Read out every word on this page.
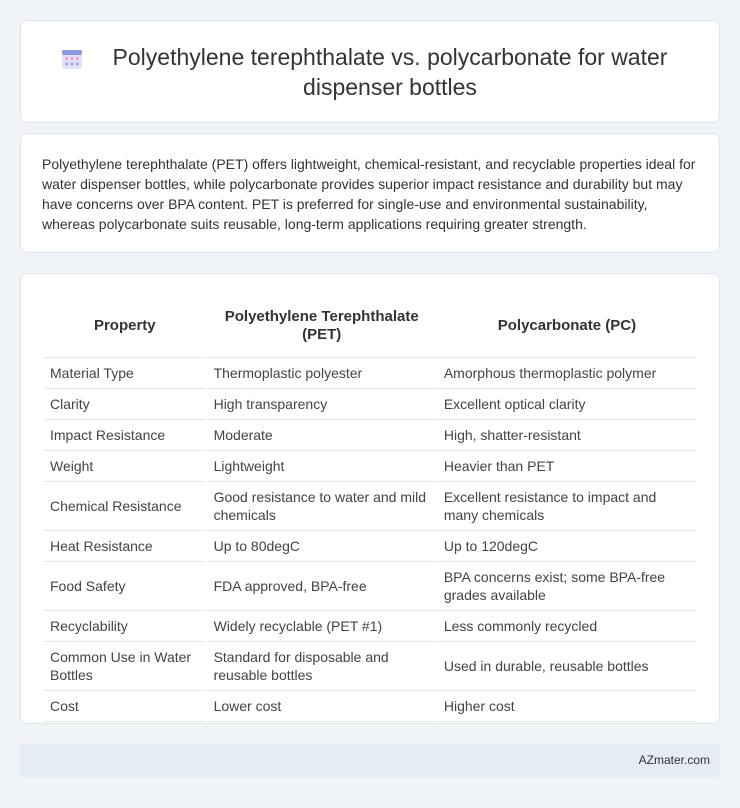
Polyethylene terephthalate vs. polycarbonate for water dispenser bottles

Polyethylene terephthalate (PET) offers lightweight, chemical-resistant, and recyclable properties ideal for water dispenser bottles, while polycarbonate provides superior impact resistance and durability but may have concerns over BPA content. PET is preferred for single-use and environmental sustainability, whereas polycarbonate suits reusable, long-term applications requiring greater strength.

Property	Polyethylene Terephthalate (PET)	Polycarbonate (PC)
Material Type	Thermoplastic polyester	Amorphous thermoplastic polymer
Clarity	High transparency	Excellent optical clarity
Impact Resistance	Moderate	High, shatter-resistant
Weight	Lightweight	Heavier than PET
Chemical Resistance	Good resistance to water and mild chemicals	Excellent resistance to impact and many chemicals
Heat Resistance	Up to 80degC	Up to 120degC
Food Safety	FDA approved, BPA-free	BPA concerns exist; some BPA-free grades available
Recyclability	Widely recyclable (PET #1)	Less commonly recycled
Common Use in Water Bottles	Standard for disposable and reusable bottles	Used in durable, reusable bottles
Cost	Lower cost	Higher cost
AZmater.com
